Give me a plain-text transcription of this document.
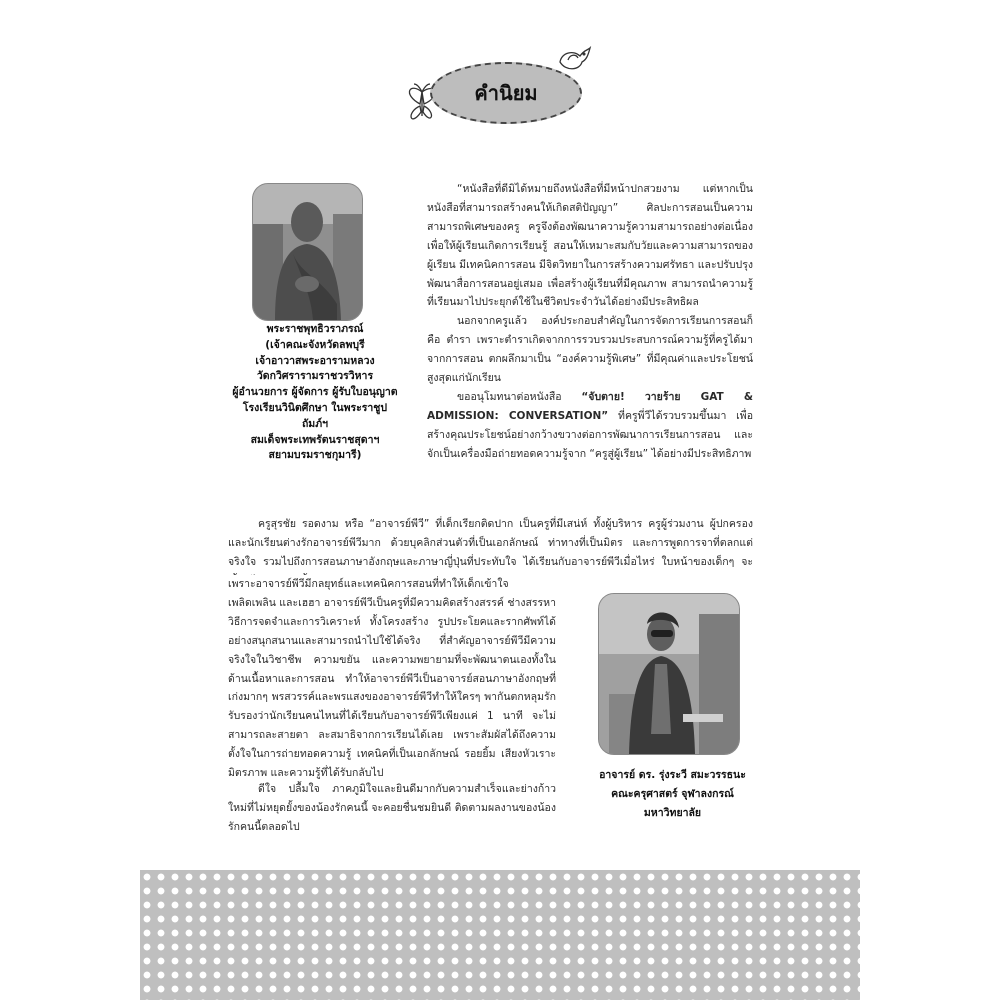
คำนิยม
พระราชพุทธิวราภรณ์
(เจ้าคณะจังหวัดลพบุรี
เจ้าอาวาสพระอารามหลวง
วัดกวิศรารามราชวรวิหาร
ผู้อำนวยการ ผู้จัดการ ผู้รับใบอนุญาต
โรงเรียนวินิตศึกษา ในพระราชูปถัมภ์ฯ
สมเด็จพระเทพรัตนราชสุดาฯ
สยามบรมราชกุมารี)

“หนังสือที่ดีมิได้หมายถึงหนังสือที่มีหน้าปกสวยงาม แต่หากเป็นหนังสือที่สามารถสร้างคนให้เกิดสติปัญญา” ศิลปะการสอนเป็นความสามารถพิเศษของครู ครูจึงต้องพัฒนาความรู้ความสามารถอย่างต่อเนื่อง เพื่อให้ผู้เรียนเกิดการเรียนรู้ สอนให้เหมาะสมกับวัยและความสามารถของผู้เรียน มีเทคนิคการสอน มีจิตวิทยาในการสร้างความศรัทธา และปรับปรุงพัฒนาสื่อการสอนอยู่เสมอ เพื่อสร้างผู้เรียนที่มีคุณภาพ สามารถนำความรู้ที่เรียนมาไปประยุกต์ใช้ในชีวิตประจำวันได้อย่างมีประสิทธิผล

นอกจากครูแล้ว องค์ประกอบสำคัญในการจัดการเรียนการสอนก็คือ ตำรา เพราะตำราเกิดจากการรวบรวมประสบการณ์ความรู้ที่ครูได้มาจากการสอน ตกผลึกมาเป็น “องค์ความรู้พิเศษ” ที่มีคุณค่าและประโยชน์สูงสุดแก่นักเรียน

ขออนุโมทนาต่อหนังสือ “จับตาย! วายร้าย GAT & ADMISSION: CONVERSATION” ที่ครูพี่วีได้รวบรวมขึ้นมา เพื่อสร้างคุณประโยชน์อย่างกว้างขวางต่อการพัฒนาการเรียนการสอน และจักเป็นเครื่องมือถ่ายทอดความรู้จาก “ครูสู่ผู้เรียน” ได้อย่างมีประสิทธิภาพ

ครูสุรชัย รอดงาม หรือ “อาจารย์พีวี” ที่เด็กเรียกติดปาก เป็นครูที่มีเสน่ห์ ทั้งผู้บริหาร ครูผู้ร่วมงาน ผู้ปกครอง และนักเรียนต่างรักอาจารย์พีวีมาก ด้วยบุคลิกส่วนตัวที่เป็นเอกลักษณ์ ท่าทางที่เป็นมิตร และการพูดการจาที่ตลกแต่จริงใจ รวมไปถึงการสอนภาษาอังกฤษและภาษาญี่ปุ่นที่ประทับใจ ได้เรียนกับอาจารย์พีวีเมื่อไหร่ ใบหน้าของเด็กๆ จะ

เพราะอาจารย์พีวีมีกลยุทธ์และเทคนิคการสอนที่ทำให้เด็กเข้าใจ เพลิดเพลิน และเฮฮา อาจารย์พีวีเป็นครูที่มีความคิดสร้างสรรค์ ช่างสรรหาวิธีการจดจำและการวิเคราะห์ ทั้งโครงสร้าง รูปประโยคและรากศัพท์ได้อย่างสนุกสนานและสามารถนำไปใช้ได้จริง ที่สำคัญอาจารย์พีวีมีความจริงใจในวิชาชีพ ความขยัน และความพยายามที่จะพัฒนาตนเองทั้งในด้านเนื้อหาและการสอน ทำให้อาจารย์พีวีเป็นอาจารย์สอนภาษาอังกฤษที่เก่งมากๆ พรสวรรค์และพรแสงของอาจารย์พีวีทำให้ใครๆ พากันตกหลุมรัก รับรองว่านักเรียนคนไหนที่ได้เรียนกับอาจารย์พีวีเพียงแค่ 1 นาที จะไม่สามารถละสายตา ละสมาธิจากการเรียนได้เลย เพราะสัมผัสได้ถึงความตั้งใจในการถ่ายทอดความรู้ เทคนิคที่เป็นเอกลักษณ์ รอยยิ้ม เสียงหัวเราะ มิตรภาพ และความรู้ที่ได้รับกลับไป

ดีใจ ปลื้มใจ ภาคภูมิใจและยินดีมากกับความสำเร็จและย่างก้าวใหม่ที่ไม่หยุดยั้งของน้องรักคนนี้ จะคอยชื่นชมยินดี ติดตามผลงานของน้องรักคนนี้ตลอดไป

อาจารย์ ดร. รุ่งระวี สมะวรรธนะ
คณะครุศาสตร์ จุฬาลงกรณ์มหาวิทยาลัย
